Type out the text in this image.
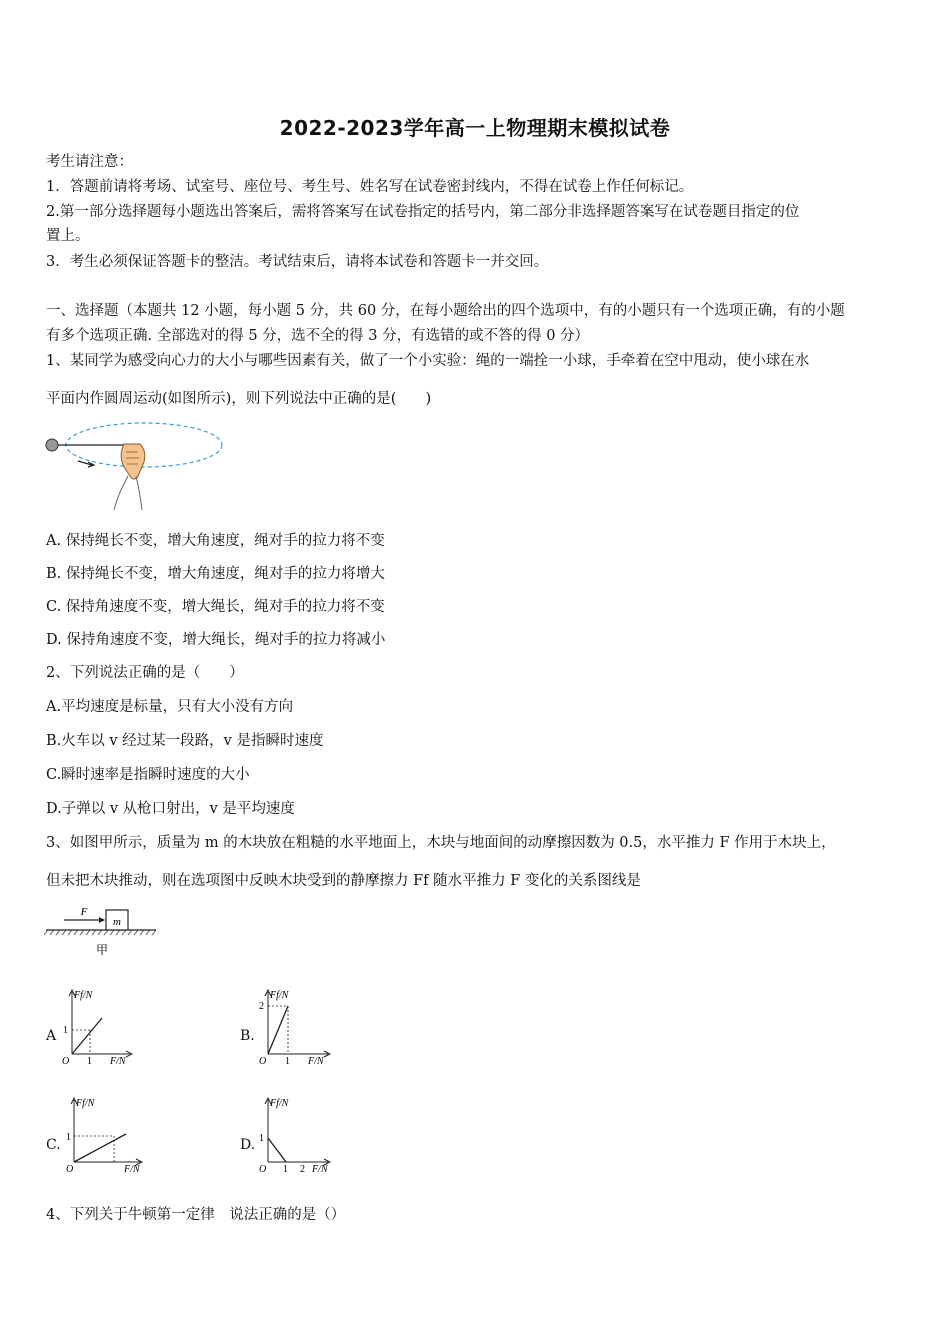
2022-2023学年高一上物理期末模拟试卷
考生请注意：
1．答题前请将考场、试室号、座位号、考生号、姓名写在试卷密封线内，不得在试卷上作任何标记。
2.第一部分选择题每小题选出答案后，需将答案写在试卷指定的括号内，第二部分非选择题答案写在试卷题目指定的位
置上。
3．考生必须保证答题卡的整洁。考试结束后，请将本试卷和答题卡一并交回。
一、选择题（本题共 12 小题，每小题 5 分，共 60 分，在每小题给出的四个选项中，有的小题只有一个选项正确，有的小题
有多个选项正确. 全部选对的得 5 分，选不全的得 3 分，有选错的或不答的得 0 分）
1、某同学为感受向心力的大小与哪些因素有关，做了一个小实验：绳的一端拴一小球，手牵着在空中甩动，使小球在水
平面内作圆周运动(如图所示)，则下列说法中正确的是(　　)
A. 保持绳长不变，增大角速度，绳对手的拉力将不变
B. 保持绳长不变，增大角速度，绳对手的拉力将增大
C. 保持角速度不变，增大绳长，绳对手的拉力将不变
D. 保持角速度不变，增大绳长，绳对手的拉力将减小
2、下列说法正确的是（　　）
A.平均速度是标量，只有大小没有方向
B.火车以 v 经过某一段路，v 是指瞬时速度
C.瞬时速率是指瞬时速度的大小
D.子弹以 v 从枪口射出，v 是平均速度
3、如图甲所示，质量为 m 的木块放在粗糙的水平地面上，木块与地面间的动摩擦因数为 0.5，水平推力 F 作用于木块上，
但未把木块推动，则在选项图中反映木块受到的静摩擦力 Ff 随水平推力 F 变化的关系图线是
m
F
甲
A
Ff/N
F/N
O
1
1
B.
Ff/N
F/N
O
2
1
C.
Ff/N
F/N
O
1	D.
Ff/N
F/N
O
1
1 2
4、下列关于牛顿第一定律　说法正确的是（）
